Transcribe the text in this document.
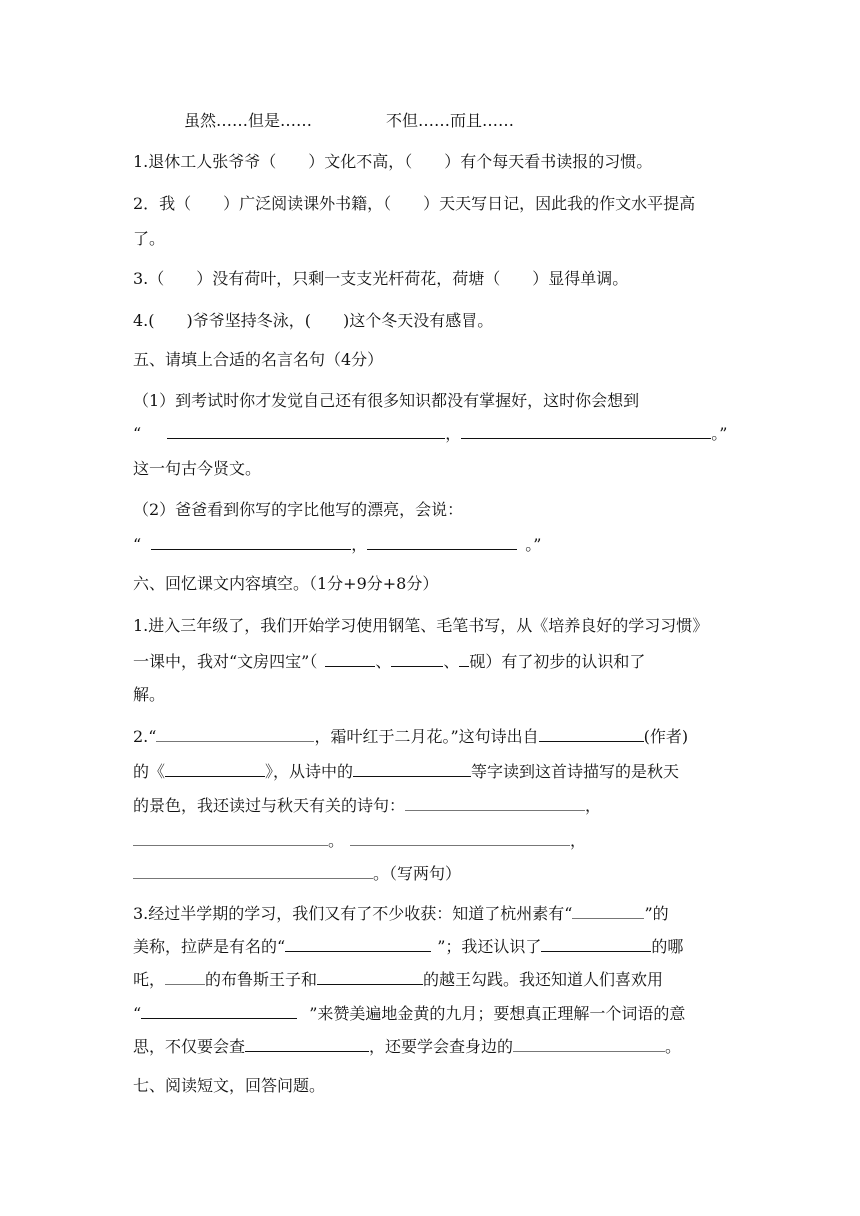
虽然……但是……	不但……而且……
1.退休工人张爷爷（　　）文化不高，（　　）有个每天看书读报的习惯。
2．我（　　）广泛阅读课外书籍，（　　）天天写日记，因此我的作文水平提高
了。
3.（　　）没有荷叶，只剩一支支光杆荷花，荷塘（　　）显得单调。
4.(　　)爷爷坚持冬泳，(　　)这个冬天没有感冒。
五、请填上合适的名言名句（4分）
（1）到考试时你才发觉自己还有很多知识都没有掌握好，这时你会想到
“	，	。”
这一句古今贤文。
（2）爸爸看到你写的字比他写的漂亮，会说：
“	，	。”
六、回忆课文内容填空。（1分+9分+8分）
1.进入三年级了，我们开始学习使用钢笔、毛笔书写，从《培养良好的学习习惯》
一课中，我对“文房四宝”（	、	、 砚）有了初步的认识和了
解。
2.“	，霜叶红于二月花。”这句诗出自	(作者)
的《	》，从诗中的	等字读到这首诗描写的是秋天
的景色，我还读过与秋天有关的诗句：	，
。	，
。（写两句）
3.经过半学期的学习，我们又有了不少收获：知道了杭州素有“	”的
美称，拉萨是有名的“	”；我还认识了	的哪
吒，	的布鲁斯王子和	的越王勾践。我还知道人们喜欢用
“	”来赞美遍地金黄的九月；要想真正理解一个词语的意
思，不仅要会查	，还要学会查身边的	。
七、阅读短文，回答问题。
